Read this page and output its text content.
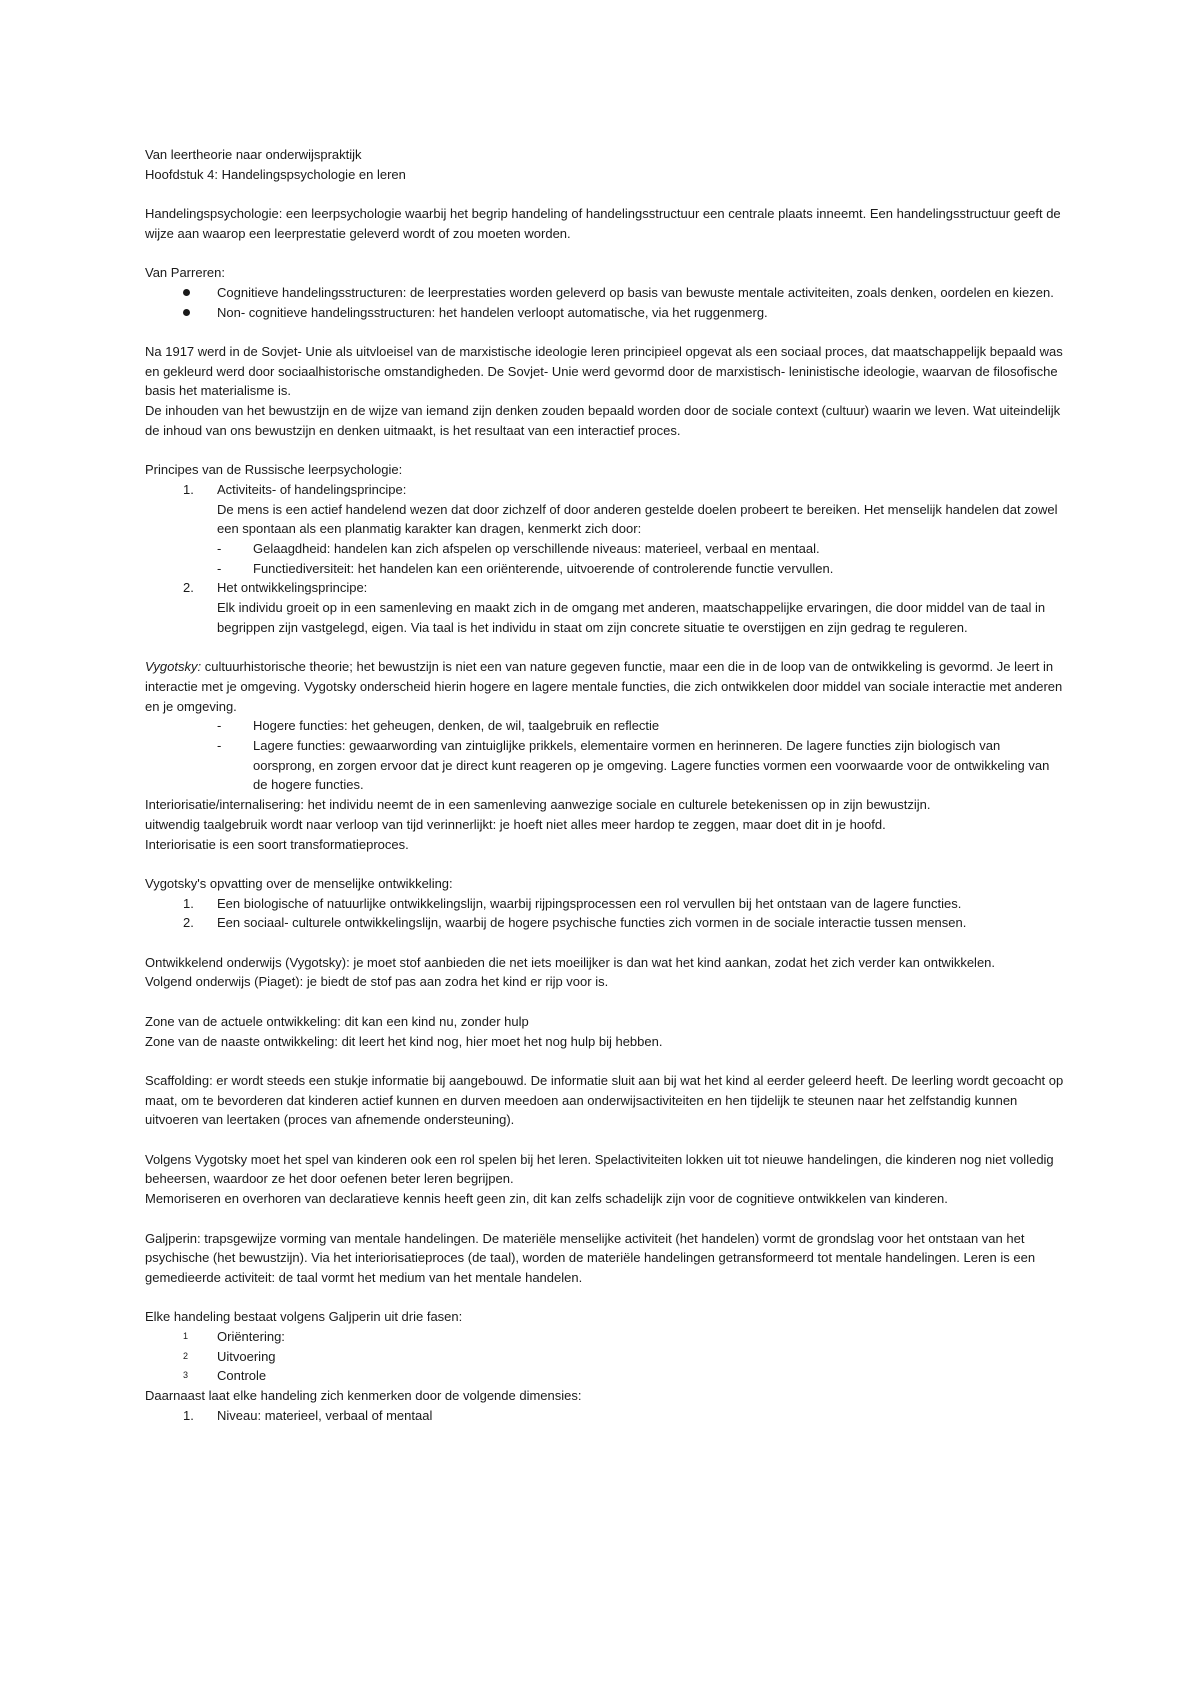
Van leertheorie naar onderwijspraktijk

Hoofdstuk 4: Handelingspsychologie en leren

Handelingspsychologie: een leerpsychologie waarbij het begrip handeling of handelingsstructuur een centrale plaats inneemt. Een handelingsstructuur geeft de wijze aan waarop een leerprestatie geleverd wordt of zou moeten worden.

Van Parreren:

Cognitieve handelingsstructuren: de leerprestaties worden geleverd op basis van bewuste mentale activiteiten, zoals denken, oordelen en kiezen.
Non- cognitieve handelingsstructuren: het handelen verloopt automatische, via het ruggenmerg.

Na 1917 werd in de Sovjet- Unie als uitvloeisel van de marxistische ideologie leren principieel opgevat als een sociaal proces, dat maatschappelijk bepaald was en gekleurd werd door sociaalhistorische omstandigheden. De Sovjet- Unie werd gevormd door de marxistisch- leninistische ideologie, waarvan de filosofische basis het materialisme is.

De inhouden van het bewustzijn en de wijze van iemand zijn denken zouden bepaald worden door de sociale context (cultuur) waarin we leven. Wat uiteindelijk de inhoud van ons bewustzijn en denken uitmaakt, is het resultaat van een interactief proces.

Principes van de Russische leerpsychologie:

1. Activiteits- of handelingsprincipe:
De mens is een actief handelend wezen dat door zichzelf of door anderen gestelde doelen probeert te bereiken. Het menselijk handelen dat zowel een spontaan als een planmatig karakter kan dragen, kenmerkt zich door:
- Gelaagdheid: handelen kan zich afspelen op verschillende niveaus: materieel, verbaal en mentaal.
- Functiediversiteit: het handelen kan een oriënterende, uitvoerende of controlerende functie vervullen.
2. Het ontwikkelingsprincipe:
Elk individu groeit op in een samenleving en maakt zich in de omgang met anderen, maatschappelijke ervaringen, die door middel van de taal in begrippen zijn vastgelegd, eigen. Via taal is het individu in staat om zijn concrete situatie te overstijgen en zijn gedrag te reguleren.

Vygotsky: cultuurhistorische theorie; het bewustzijn is niet een van nature gegeven functie, maar een die in de loop van de ontwikkeling is gevormd. Je leert in interactie met je omgeving. Vygotsky onderscheid hierin hogere en lagere mentale functies, die zich ontwikkelen door middel van sociale interactie met anderen en je omgeving.

- Hogere functies: het geheugen, denken, de wil, taalgebruik en reflectie
- Lagere functies: gewaarwording van zintuiglijke prikkels, elementaire vormen en herinneren. De lagere functies zijn biologisch van oorsprong, en zorgen ervoor dat je direct kunt reageren op je omgeving. Lagere functies vormen een voorwaarde voor de ontwikkeling van de hogere functies.

Interiorisatie/internalisering: het individu neemt de in een samenleving aanwezige sociale en culturele betekenissen op in zijn bewustzijn.

uitwendig taalgebruik wordt naar verloop van tijd verinnerlijkt: je hoeft niet alles meer hardop te zeggen, maar doet dit in je hoofd.

Interiorisatie is een soort transformatieproces.

Vygotsky's opvatting over de menselijke ontwikkeling:

1. Een biologische of natuurlijke ontwikkelingslijn, waarbij rijpingsprocessen een rol vervullen bij het ontstaan van de lagere functies.
2. Een sociaal- culturele ontwikkelingslijn, waarbij de hogere psychische functies zich vormen in de sociale interactie tussen mensen.

Ontwikkelend onderwijs (Vygotsky): je moet stof aanbieden die net iets moeilijker is dan wat het kind aankan, zodat het zich verder kan ontwikkelen.

Volgend onderwijs (Piaget): je biedt de stof pas aan zodra het kind er rijp voor is.

Zone van de actuele ontwikkeling: dit kan een kind nu, zonder hulp

Zone van de naaste ontwikkeling: dit leert het kind nog, hier moet het nog hulp bij hebben.

Scaffolding: er wordt steeds een stukje informatie bij aangebouwd. De informatie sluit aan bij wat het kind al eerder geleerd heeft. De leerling wordt gecoacht op maat, om te bevorderen dat kinderen actief kunnen en durven meedoen aan onderwijsactiviteiten en hen tijdelijk te steunen naar het zelfstandig kunnen uitvoeren van leertaken (proces van afnemende ondersteuning).

Volgens Vygotsky moet het spel van kinderen ook een rol spelen bij het leren. Spelactiviteiten lokken uit tot nieuwe handelingen, die kinderen nog niet volledig beheersen, waardoor ze het door oefenen beter leren begrijpen.

Memoriseren en overhoren van declaratieve kennis heeft geen zin, dit kan zelfs schadelijk zijn voor de cognitieve ontwikkelen van kinderen.

Galjperin: trapsgewijze vorming van mentale handelingen. De materiële menselijke activiteit (het handelen) vormt de grondslag voor het ontstaan van het psychische (het bewustzijn). Via het interiorisatieproces (de taal), worden de materiële handelingen getransformeerd tot mentale handelingen. Leren is een gemedieerde activiteit: de taal vormt het medium van het mentale handelen.

Elke handeling bestaat volgens Galjperin uit drie fasen:

1 Oriëntering:
2 Uitvoering
3 Controle

Daarnaast laat elke handeling zich kenmerken door de volgende dimensies:

1. Niveau: materieel, verbaal of mentaal
